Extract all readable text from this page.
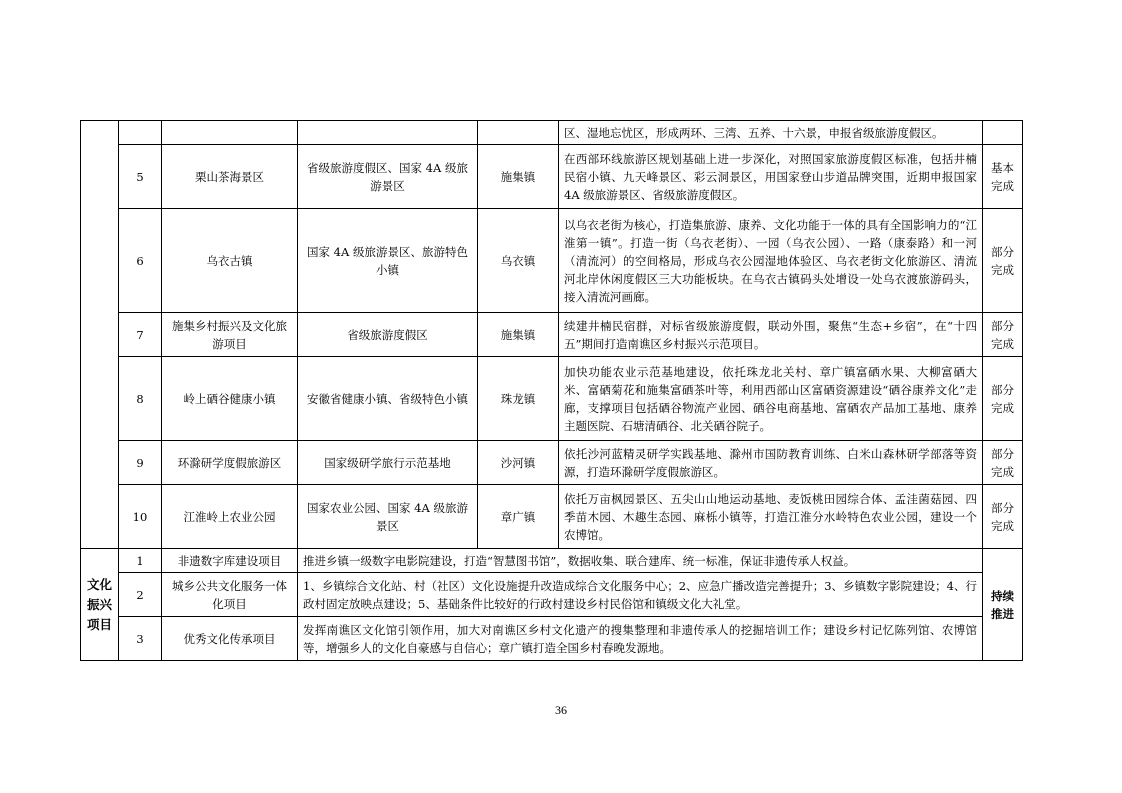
					区、湿地忘忧区，形成两环、三湾、五养、十六景，申报省级旅游度假区。	
	5	栗山茶海景区	省级旅游度假区、国家 4A 级旅游景区	施集镇	在西部环线旅游区规划基础上进一步深化，对照国家旅游度假区标准，包括井楠民宿小镇、九天峰景区、彩云洞景区，用国家登山步道品牌突围，近期申报国家 4A 级旅游景区、省级旅游度假区。	基本完成
	6	乌衣古镇	国家 4A 级旅游景区、旅游特色小镇	乌衣镇	以乌衣老街为核心，打造集旅游、康养、文化功能于一体的具有全国影响力的“江淮第一镇”。打造一街（乌衣老街）、一园（乌衣公园）、一路（康泰路）和一河（清流河）的空间格局，形成乌衣公园湿地体验区、乌衣老街文化旅游区、清流河北岸休闲度假区三大功能板块。在乌衣古镇码头处增设一处乌衣渡旅游码头，接入清流河画廊。	部分完成
	7	施集乡村振兴及文化旅游项目	省级旅游度假区	施集镇	续建井楠民宿群，对标省级旅游度假，联动外围，聚焦“生态+乡宿”，在“十四五”期间打造南谯区乡村振兴示范项目。	部分完成
	8	岭上硒谷健康小镇	安徽省健康小镇、省级特色小镇	珠龙镇	加快功能农业示范基地建设，依托珠龙北关村、章广镇富硒水果、大柳富硒大米、富硒菊花和施集富硒茶叶等，利用西部山区富硒资源建设“硒谷康养文化”走廊，支撑项目包括硒谷物流产业园、硒谷电商基地、富硒农产品加工基地、康养主题医院、石塘清硒谷、北关硒谷院子。	部分完成
	9	环滁研学度假旅游区	国家级研学旅行示范基地	沙河镇	依托沙河蓝精灵研学实践基地、滁州市国防教育训练、白米山森林研学部落等资源，打造环滁研学度假旅游区。	部分完成
	10	江淮岭上农业公园	国家农业公园、国家 4A 级旅游景区	章广镇	依托万亩枫园景区、五尖山山地运动基地、麦饭桃田园综合体、孟洼菌菇园、四季苗木园、木趣生态园、麻栎小镇等，打造江淮分水岭特色农业公园，建设一个农博馆。	部分完成
文化振兴项目	1	非遗数字库建设项目	推进乡镇一级数字电影院建设，打造“智慧图书馆”，数据收集、联合建库、统一标准，保证非遗传承人权益。			持续推进
	2	城乡公共文化服务一体化项目	1、乡镇综合文化站、村（社区）文化设施提升改造成综合文化服务中心；2、应急广播改造完善提升；3、乡镇数字影院建设；4、行政村固定放映点建设；5、基础条件比较好的行政村建设乡村民俗馆和镇级文化大礼堂。			
	3	优秀文化传承项目	发挥南谯区文化馆引领作用，加大对南谯区乡村文化遗产的搜集整理和非遗传承人的挖掘培训工作；建设乡村记忆陈列馆、农博馆等，增强乡人的文化自豪感与自信心；章广镇打造全国乡村春晚发源地。			
36
